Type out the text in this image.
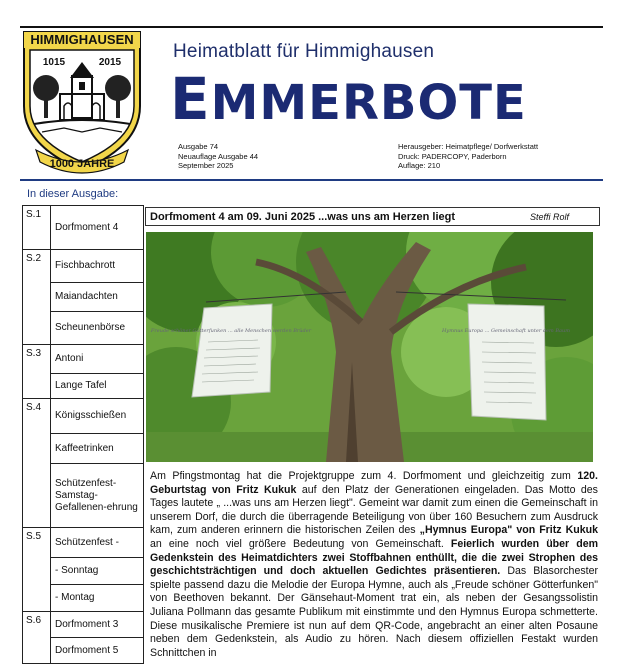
HIMMIGHAUSEN
1015	2015
1000 JAHRE
Heimatblatt für Himmighausen
EMMERBOTE
Ausgabe 74
Neuauflage Ausgabe 44
September 2025
Herausgeber: Heimatpflege/ Dorfwerkstatt
Druck: PADERCOPY, Paderborn
Auflage: 210
In dieser Ausgabe:
S.1	Dorfmoment 4
S.2	Fischbachrott
	Maiandachten
	Scheunenbörse
S.3	Antoni
	Lange Tafel
S.4	Königsschießen
	Kaffeetrinken
	Schützenfest-Samstag-Gefallenen-ehrung
S.5	Schützenfest -
	- Sonntag
	- Montag
S.6	Dorfmoment 3
	Dorfmoment 5
Dorfmoment 4 am 09. Juni 2025 ...was uns am Herzen liegt	Steffi Rolf
Freude schöner Götterfunken ... alle Menschen werden Brüder	Hymnus Europa ... Gemeinschaft unter dem Baum
Am Pfingstmontag hat die Projektgruppe zum 4. Dorfmoment und gleichzeitig zum 120. Geburtstag von Fritz Kukuk auf den Platz der Generationen eingeladen. Das Motto des Tages lautete „ ...was uns am Herzen liegt". Gemeint war damit zum einen die Gemeinschaft in unserem Dorf, die durch die überragende Beteiligung von über 160 Besuchern zum Ausdruck kam, zum anderen erinnern die historischen Zeilen des „Hymnus Europa" von Fritz Kukuk an eine noch viel größere Bedeutung von Gemeinschaft. Feierlich wurden über dem Gedenkstein des Heimatdichters zwei Stoffbahnen enthüllt, die die zwei Strophen des geschichtsträchtigen und doch aktuellen Gedichtes präsentieren. Das Blasorchester spielte passend dazu die Melodie der Europa Hymne, auch als „Freude schöner Götterfunken" von Beethoven bekannt. Der Gänsehaut-Moment trat ein, als neben der Gesangssolistin Juliana Pollmann das gesamte Publikum mit einstimmte und den Hymnus Europa schmetterte. Diese musikalische Premiere ist nun auf dem QR-Code, angebracht an einer alten Posaune neben dem Gedenkstein, als Audio zu hören. Nach diesem offiziellen Festakt wurden Schnittchen in
